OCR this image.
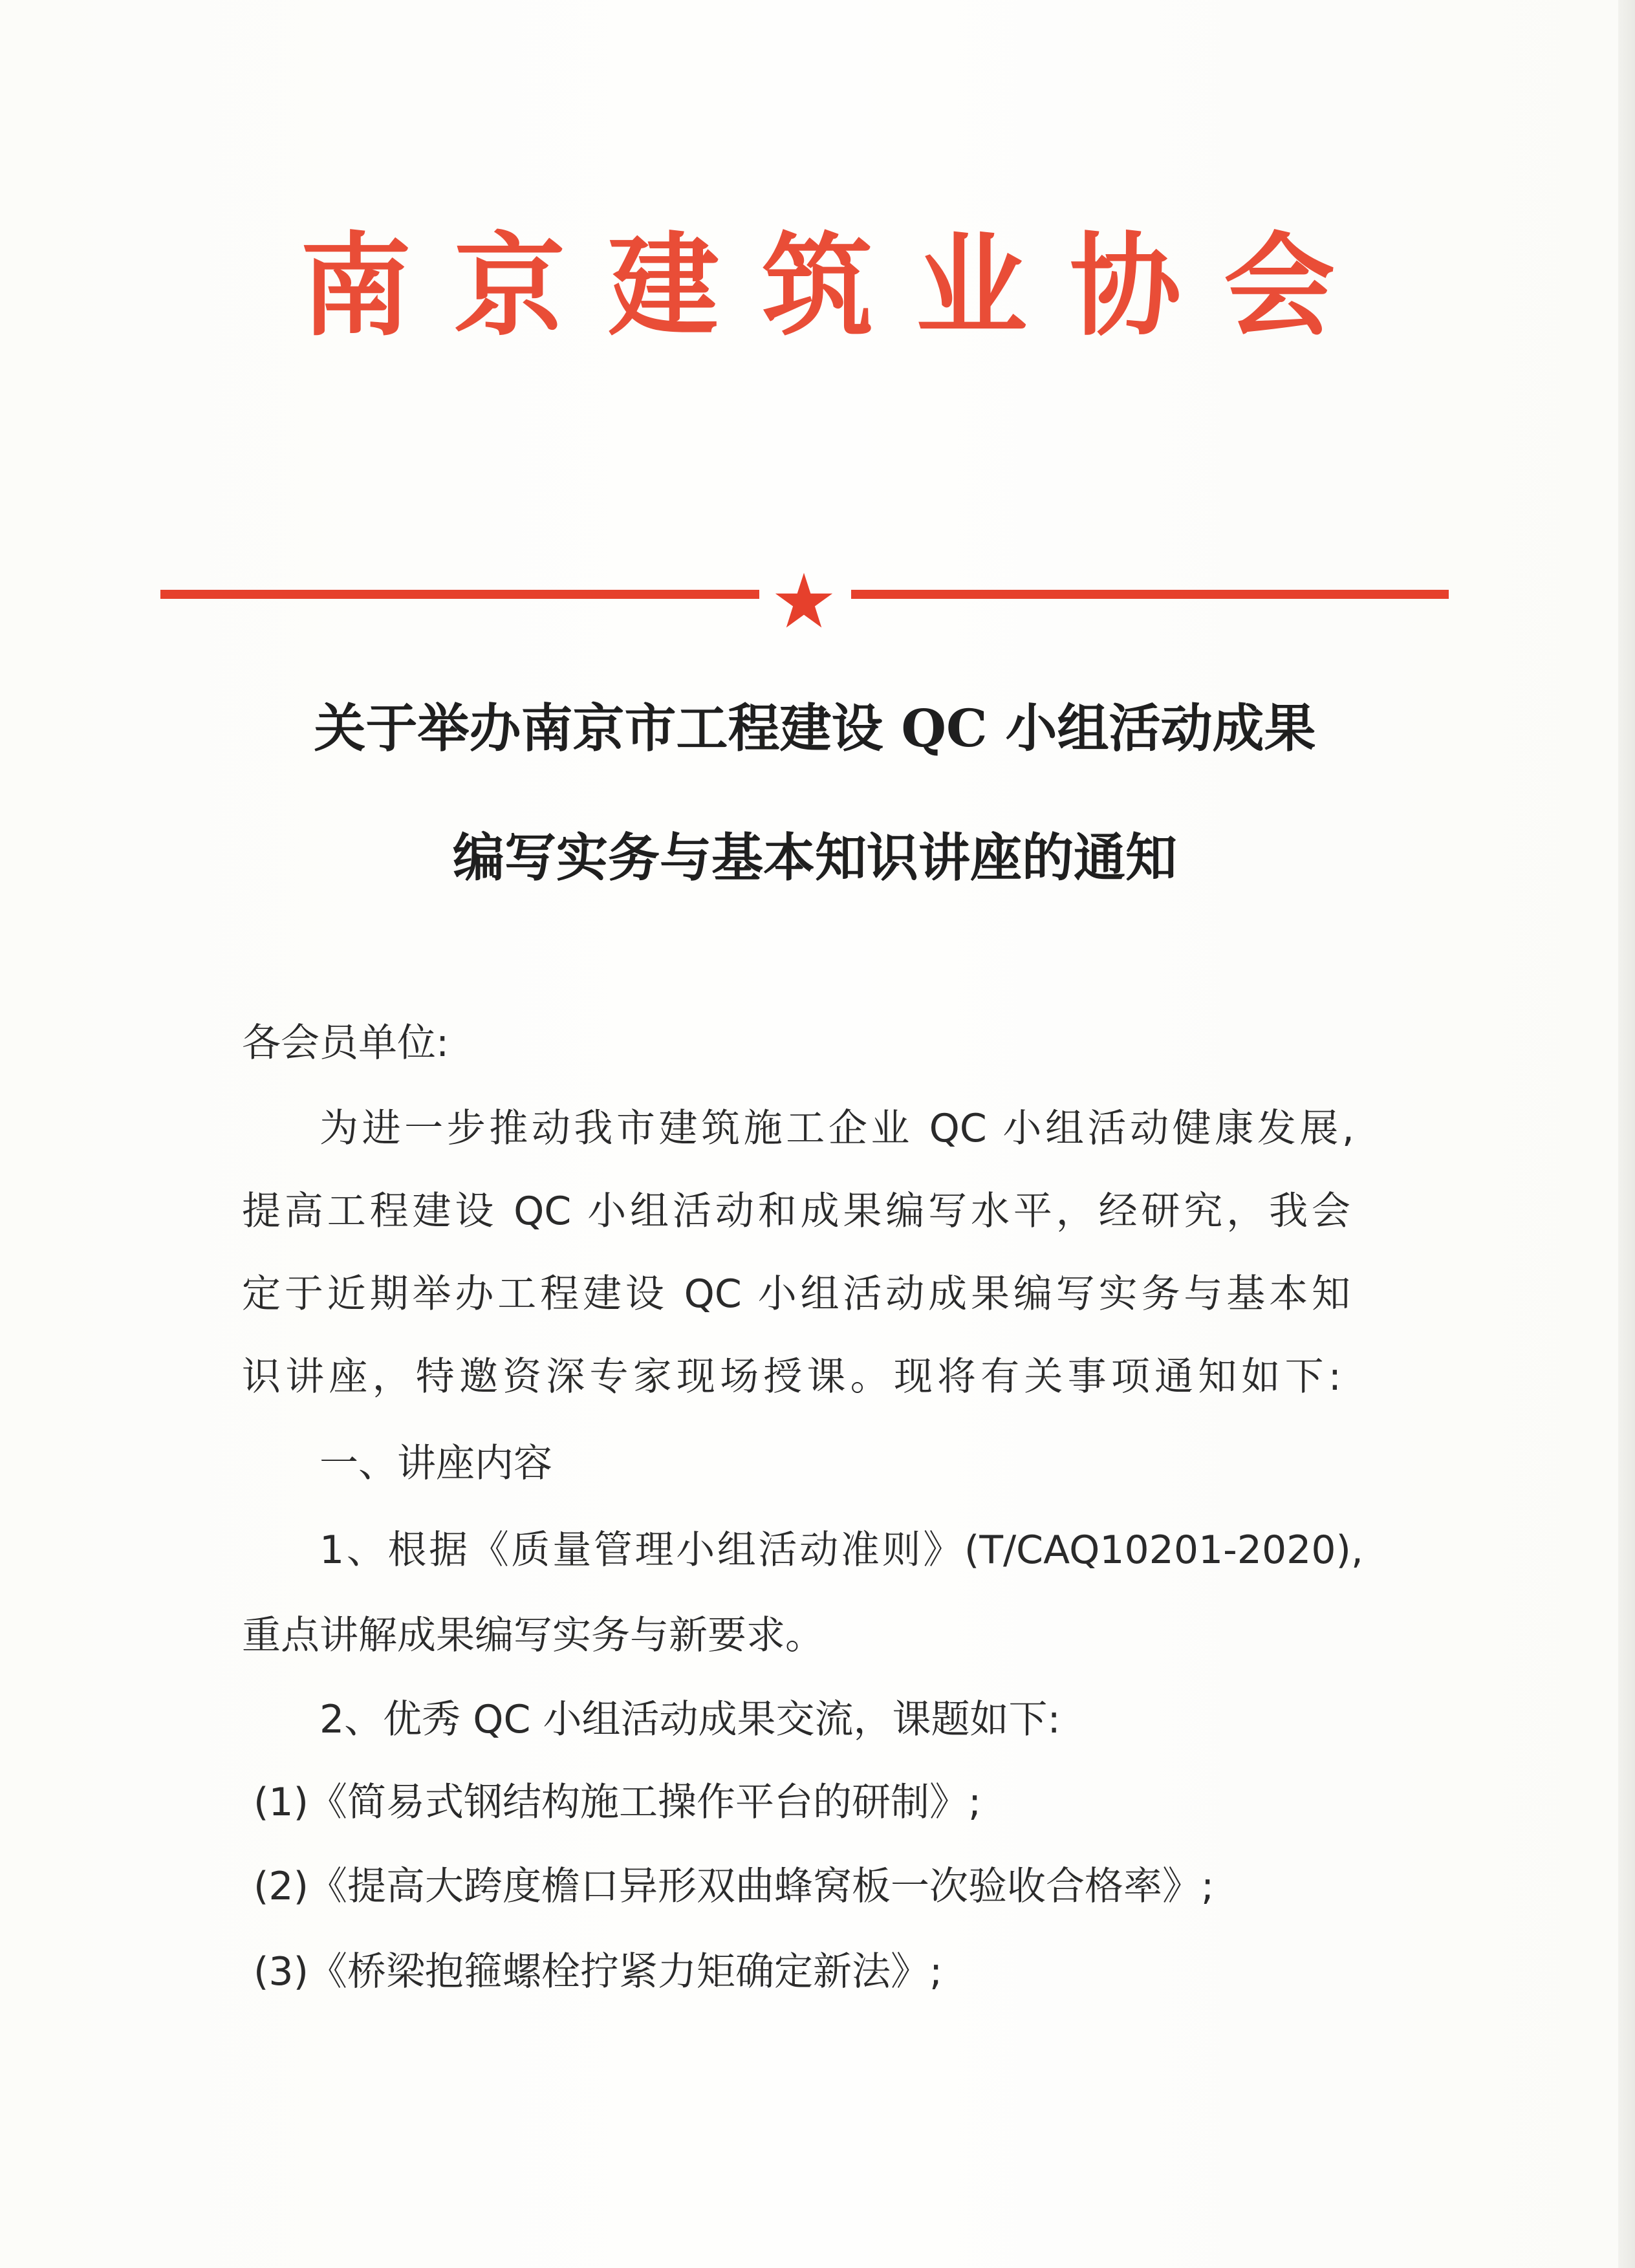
南 京 建 筑 业 协 会
关于举办南京市工程建设 QC 小组活动成果
编写实务与基本知识讲座的通知
各会员单位:
为进一步推动我市建筑施工企业 QC 小组活动健康发展,
提高工程建设 QC 小组活动和成果编写水平，经研究，我会
定于近期举办工程建设 QC 小组活动成果编写实务与基本知
识讲座，特邀资深专家现场授课。现将有关事项通知如下:
一、讲座内容
1、根据《质量管理小组活动准则》(T/CAQ10201-2020),
重点讲解成果编写实务与新要求。
2、优秀 QC 小组活动成果交流，课题如下:
(1)《简易式钢结构施工操作平台的研制》;
(2)《提高大跨度檐口异形双曲蜂窝板一次验收合格率》;
(3)《桥梁抱箍螺栓拧紧力矩确定新法》;
